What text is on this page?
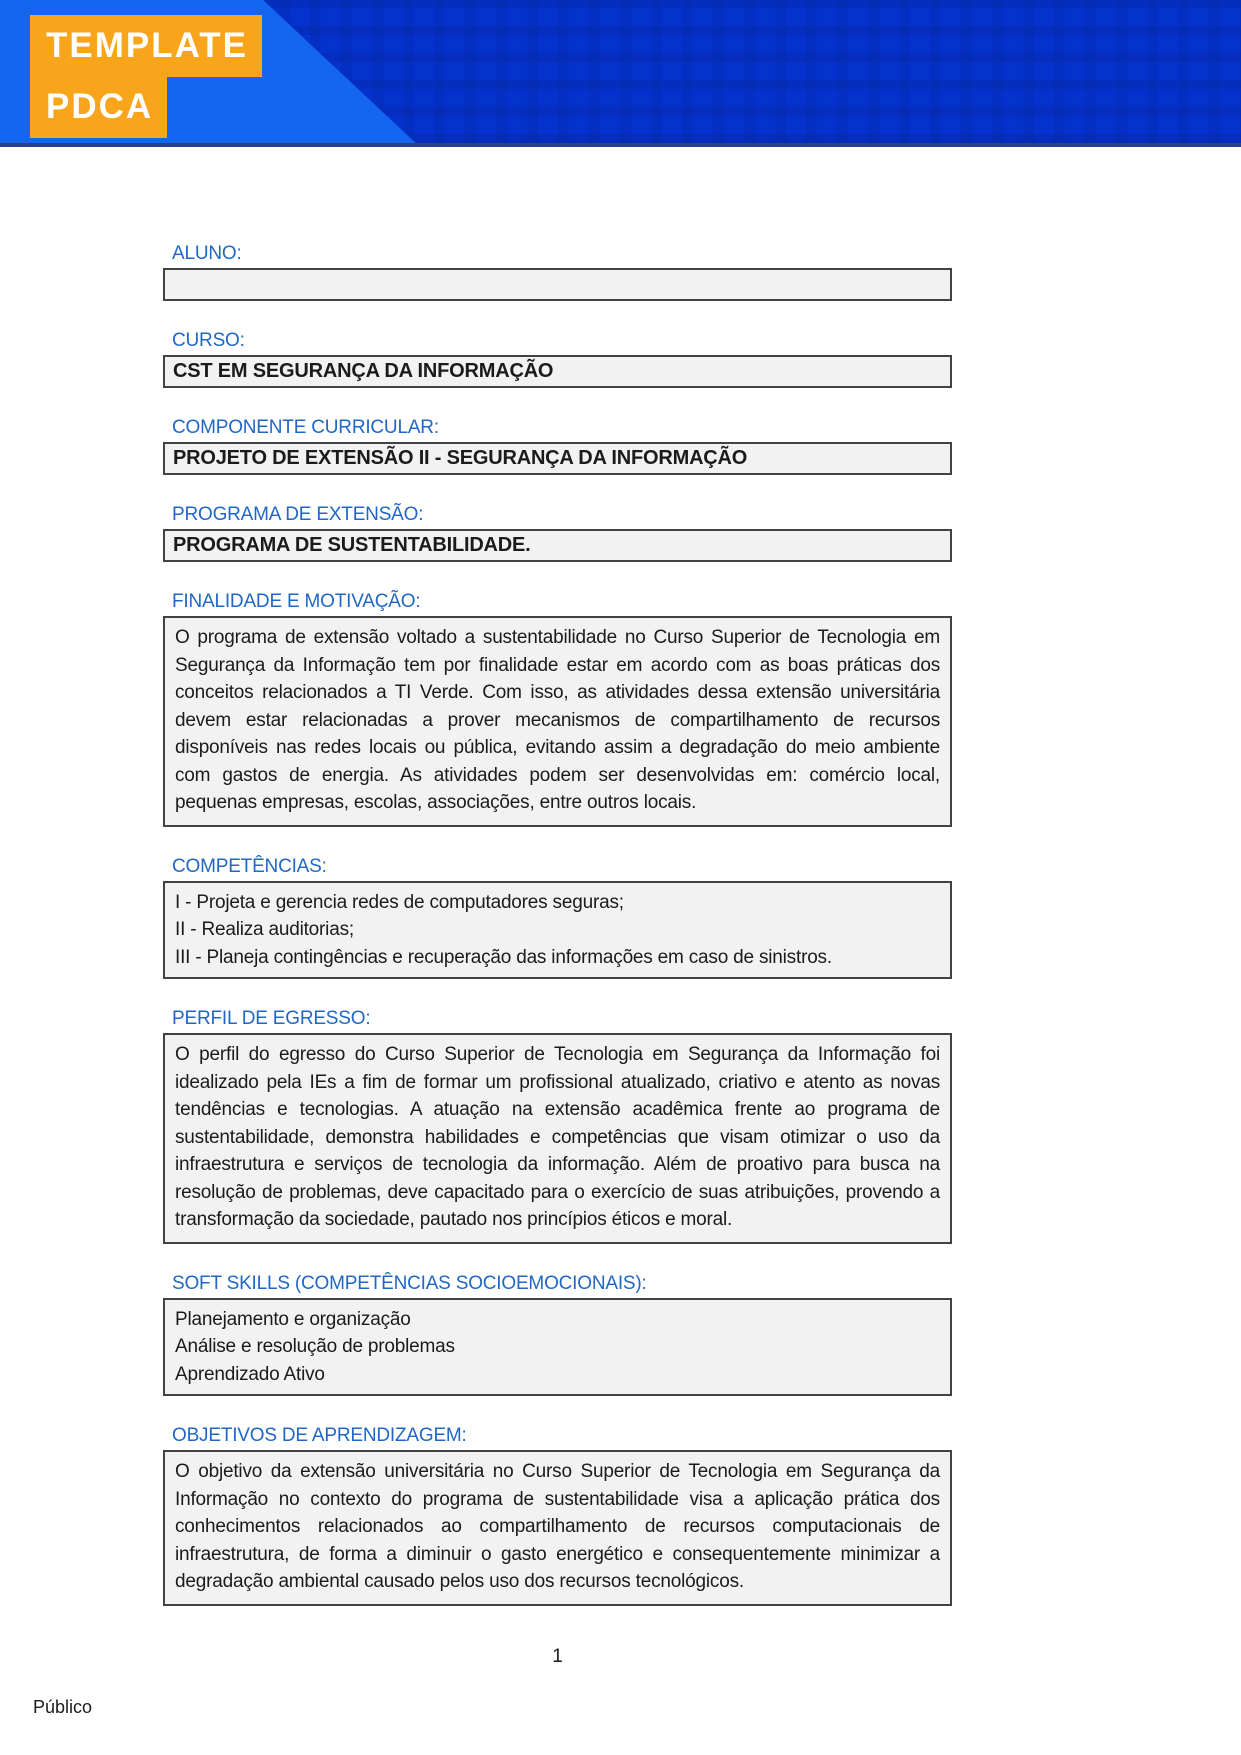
TEMPLATE
PDCA
ALUNO:
CURSO:
CST EM SEGURANÇA DA INFORMAÇÃO
COMPONENTE CURRICULAR:
PROJETO DE EXTENSÃO II - SEGURANÇA DA INFORMAÇÃO
PROGRAMA DE EXTENSÃO:
PROGRAMA DE SUSTENTABILIDADE.
FINALIDADE E MOTIVAÇÃO:
O programa de extensão voltado a sustentabilidade no Curso Superior de Tecnologia em Segurança da Informação tem por finalidade estar em acordo com as boas práticas dos conceitos relacionados a TI Verde. Com isso, as atividades dessa extensão universitária devem estar relacionadas a prover mecanismos de compartilhamento de recursos disponíveis nas redes locais ou pública, evitando assim a degradação do meio ambiente com gastos de energia. As atividades podem ser desenvolvidas em: comércio local, pequenas empresas, escolas, associações, entre outros locais.
COMPETÊNCIAS:
I - Projeta e gerencia redes de computadores seguras;
II - Realiza auditorias;
III - Planeja contingências e recuperação das informações em caso de sinistros.
PERFIL DE EGRESSO:
O perfil do egresso do Curso Superior de Tecnologia em Segurança da Informação foi idealizado pela IEs a fim de formar um profissional atualizado, criativo e atento as novas tendências e tecnologias. A atuação na extensão acadêmica frente ao programa de sustentabilidade, demonstra habilidades e competências que visam otimizar o uso da infraestrutura e serviços de tecnologia da informação. Além de proativo para busca na resolução de problemas, deve capacitado para o exercício de suas atribuições, provendo a transformação da sociedade, pautado nos princípios éticos e moral.
SOFT SKILLS (COMPETÊNCIAS SOCIOEMOCIONAIS):
Planejamento e organização
Análise e resolução de problemas
Aprendizado Ativo
OBJETIVOS DE APRENDIZAGEM:
O objetivo da extensão universitária no Curso Superior de Tecnologia em Segurança da Informação no contexto do programa de sustentabilidade visa a aplicação prática dos conhecimentos relacionados ao compartilhamento de recursos computacionais de infraestrutura, de forma a diminuir o gasto energético e consequentemente minimizar a degradação ambiental causado pelos uso dos recursos tecnológicos.
1
Público
